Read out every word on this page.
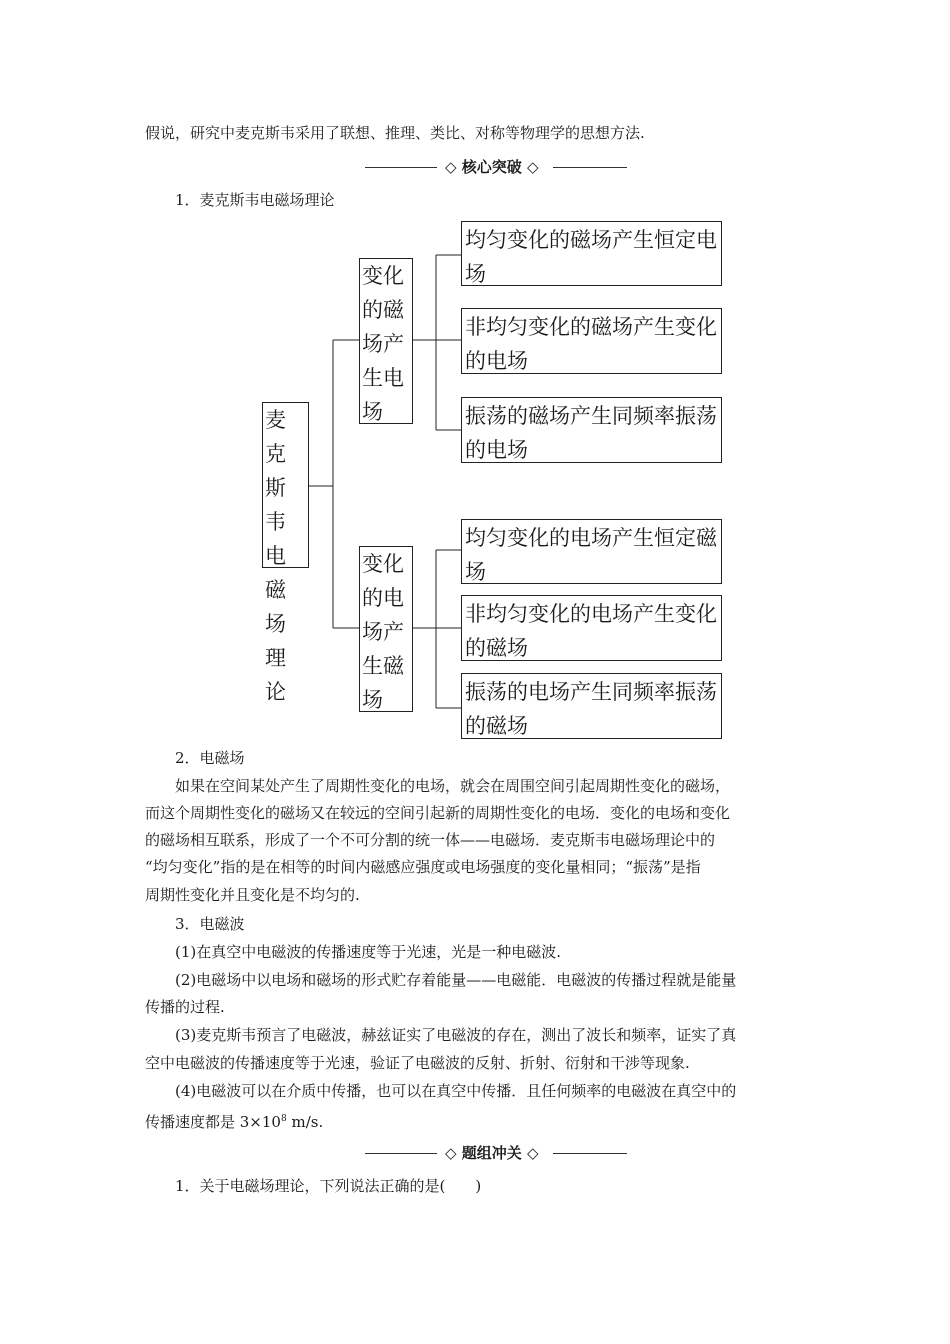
假说，研究中麦克斯韦采用了联想、推理、类比、对称等物理学的思想方法.
◇ 核心突破 ◇
1．麦克斯韦电磁场理论
麦克
斯韦
电磁
场理
论
变化
的磁
场产
生电
场
变化
的电
场产
生磁
场
均匀变化的磁场产生恒定电
场
非均匀变化的磁场产生变化
的电场
振荡的磁场产生同频率振荡
的电场
均匀变化的电场产生恒定磁
场
非均匀变化的电场产生变化
的磁场
振荡的电场产生同频率振荡
的磁场
2．电磁场
如果在空间某处产生了周期性变化的电场，就会在周围空间引起周期性变化的磁场，
而这个周期性变化的磁场又在较远的空间引起新的周期性变化的电场．变化的电场和变化
的磁场相互联系，形成了一个不可分割的统一体——电磁场．麦克斯韦电磁场理论中的
“均匀变化”指的是在相等的时间内磁感应强度或电场强度的变化量相同；“振荡”是指
周期性变化并且变化是不均匀的.
3．电磁波
(1)在真空中电磁波的传播速度等于光速，光是一种电磁波.
(2)电磁场中以电场和磁场的形式贮存着能量——电磁能．电磁波的传播过程就是能量
传播的过程.
(3)麦克斯韦预言了电磁波，赫兹证实了电磁波的存在，测出了波长和频率，证实了真
空中电磁波的传播速度等于光速，验证了电磁波的反射、折射、衍射和干涉等现象.
(4)电磁波可以在介质中传播，也可以在真空中传播．且任何频率的电磁波在真空中的
传播速度都是 $3\times 10^8$ m/s.
◇ 题组冲关 ◇
1．关于电磁场理论，下列说法正确的是(　　)
